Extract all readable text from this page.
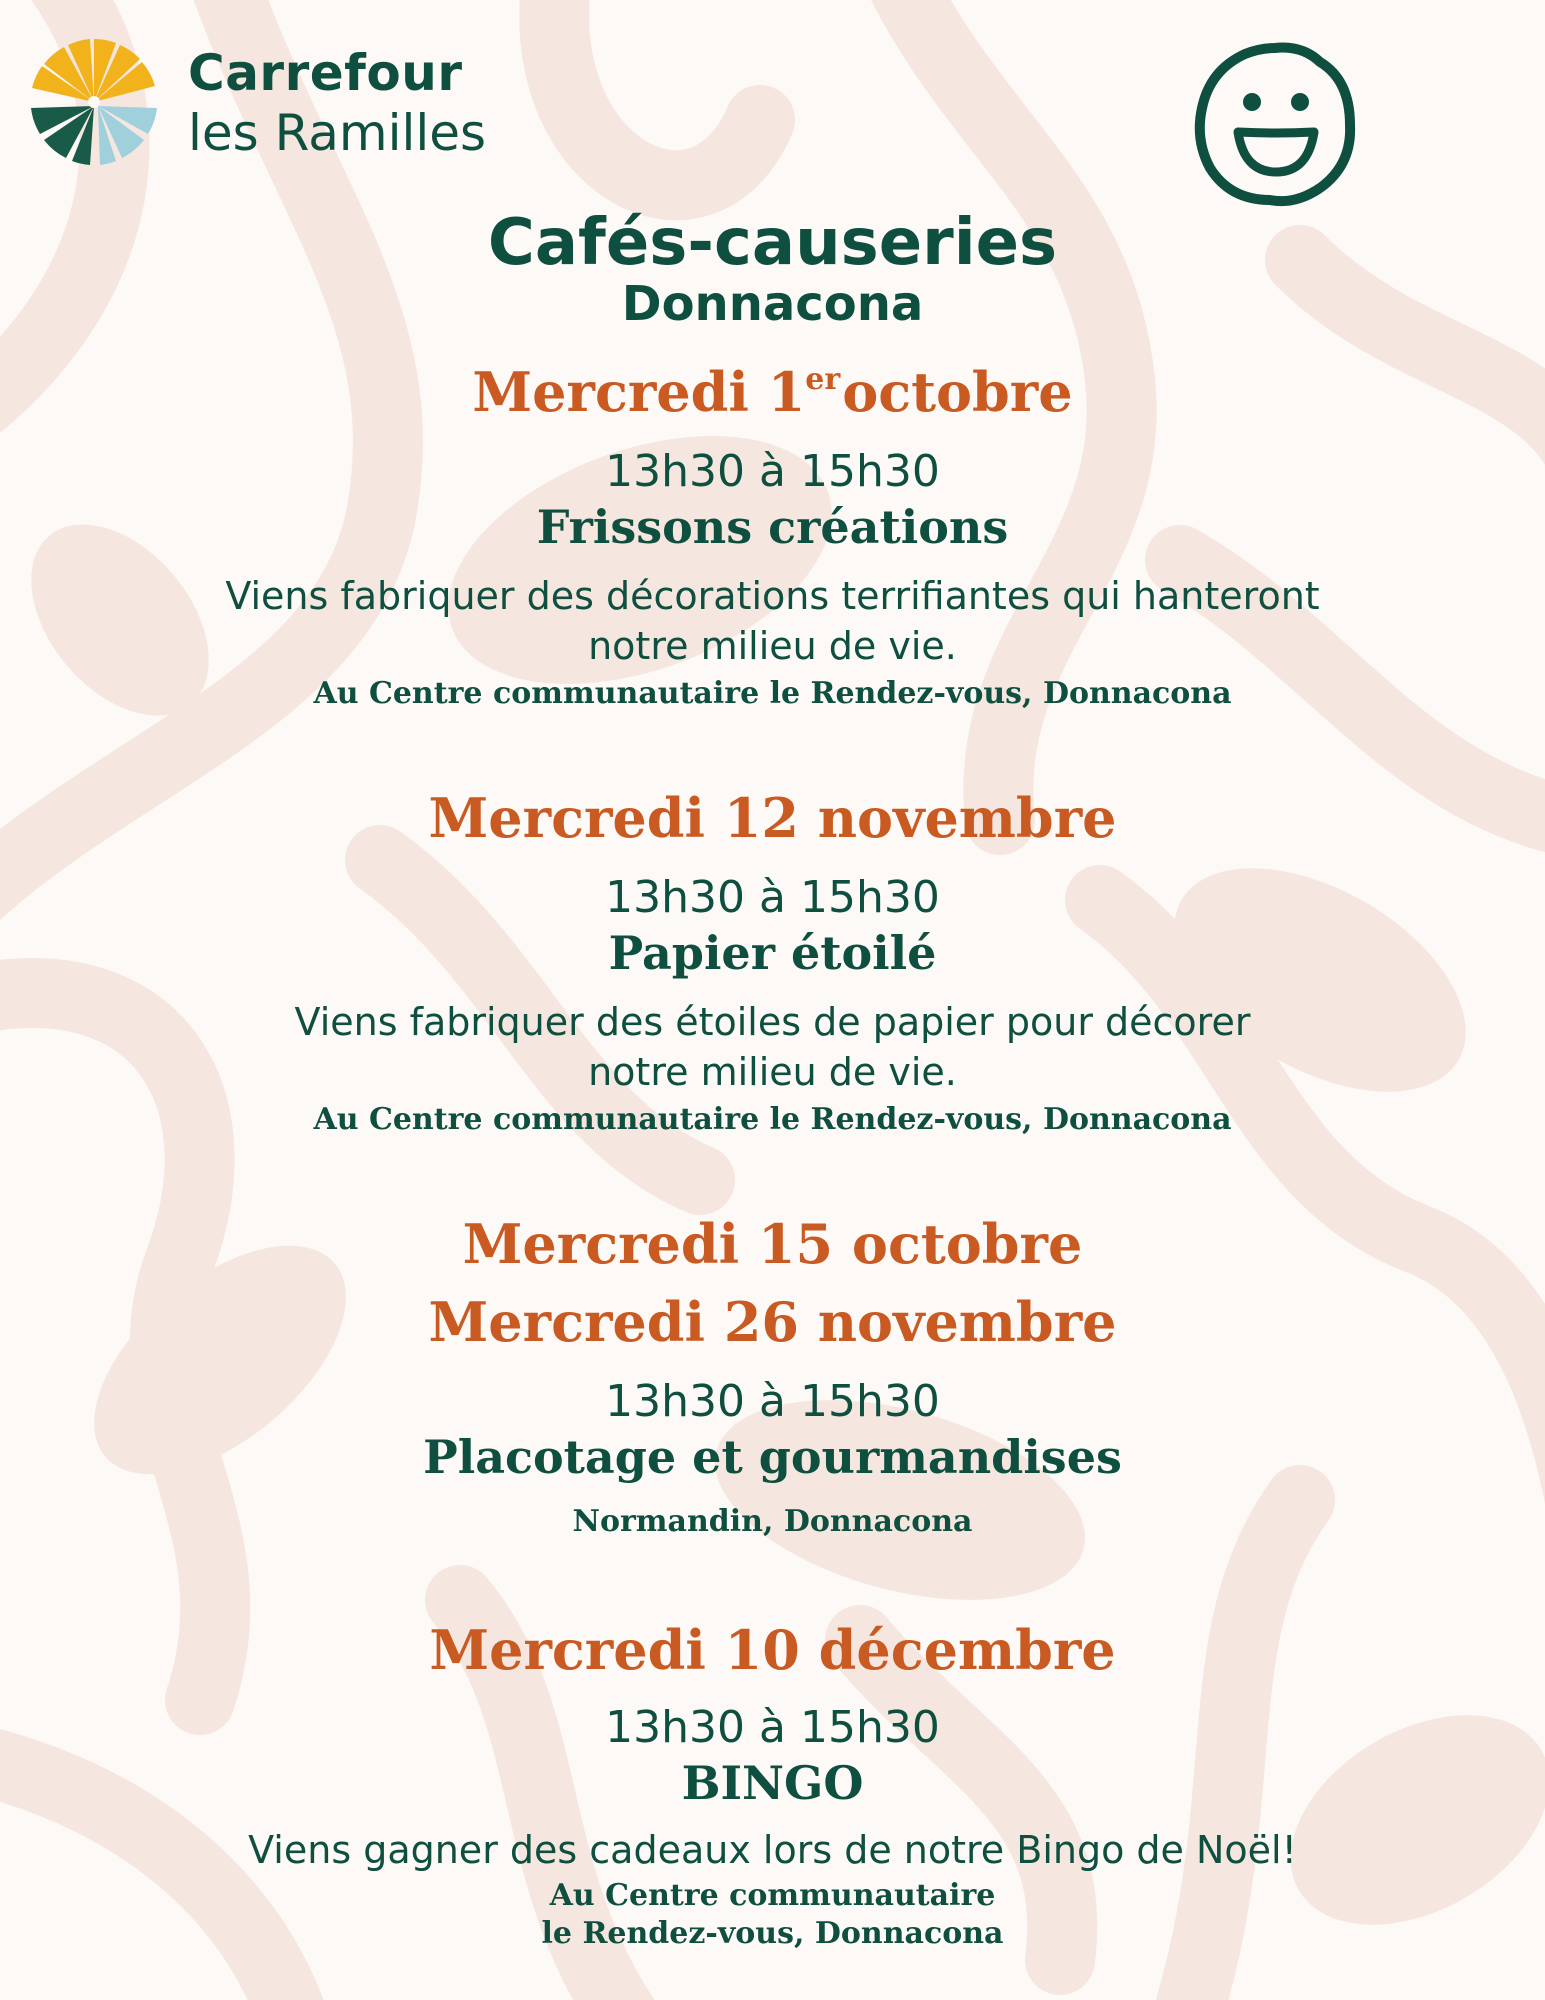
Carrefour
les Ramilles
Cafés-causeries
Donnacona
Mercredi 1eroctobre
13h30 à 15h30
Frissons créations
Viens fabriquer des décorations terrifiantes qui hanteront
notre milieu de vie.
Au Centre communautaire le Rendez-vous, Donnacona
Mercredi 12 novembre
13h30 à 15h30
Papier étoilé
Viens fabriquer des étoiles de papier pour décorer
notre milieu de vie.
Au Centre communautaire le Rendez-vous, Donnacona
Mercredi 15 octobre
Mercredi 26 novembre
13h30 à 15h30
Placotage et gourmandises
Normandin, Donnacona
Mercredi 10 décembre
13h30 à 15h30
BINGO
Viens gagner des cadeaux lors de notre Bingo de Noël!
Au Centre communautaire
le Rendez-vous, Donnacona
